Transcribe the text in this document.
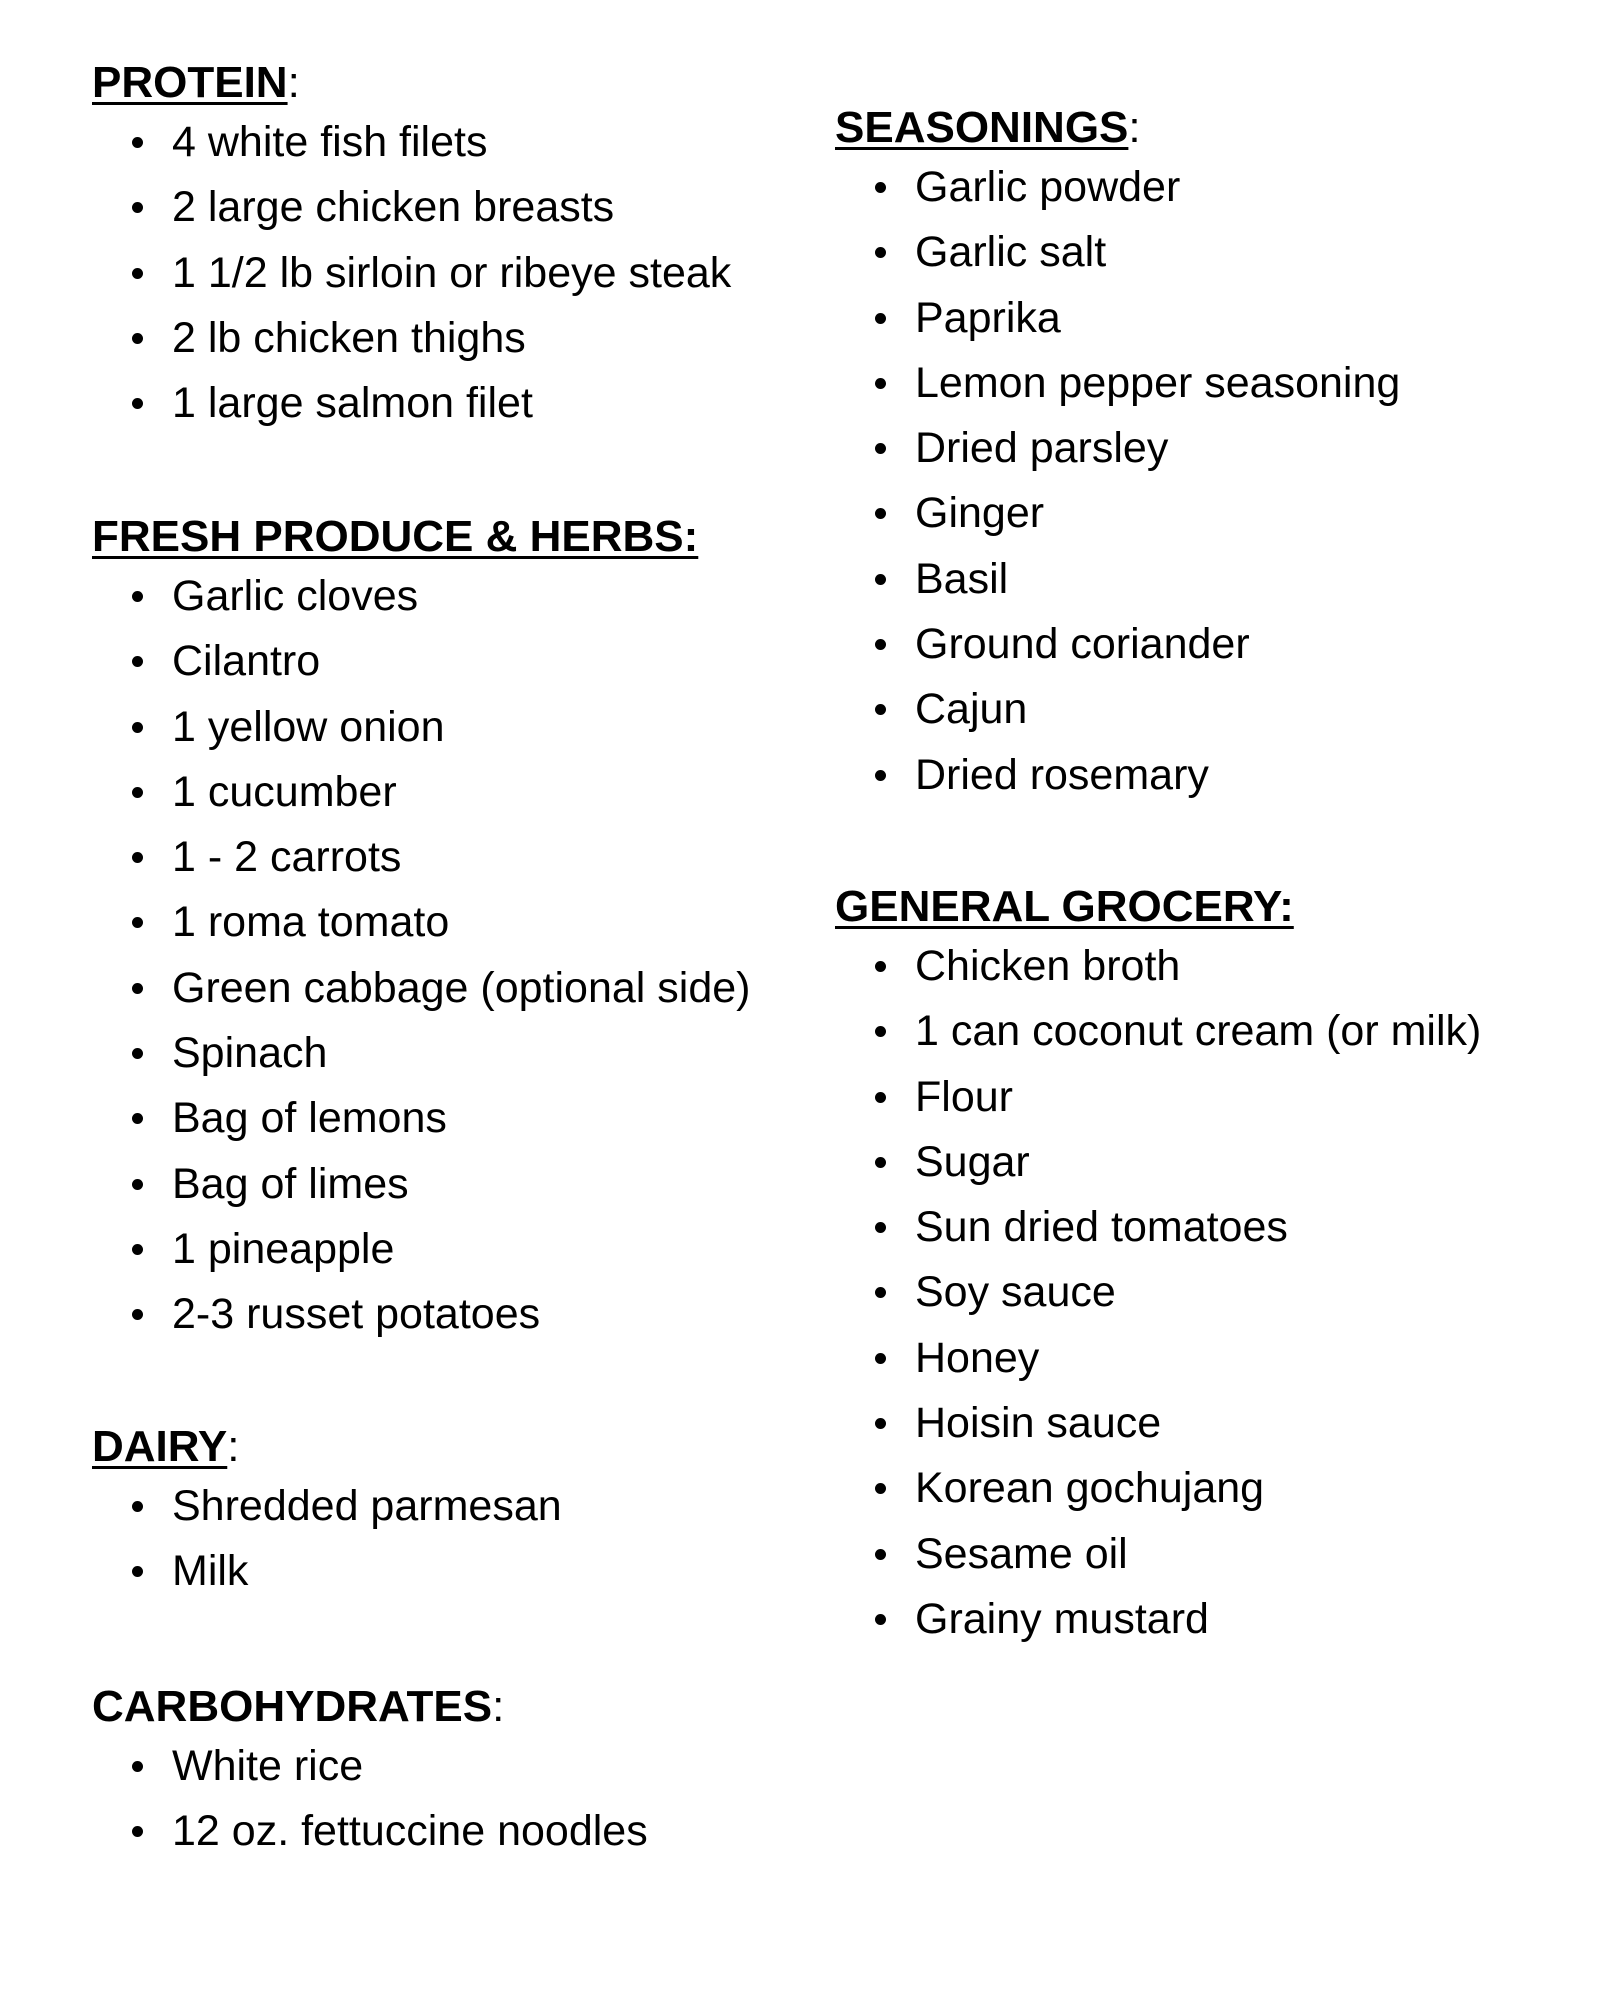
PROTEIN:
4 white fish filets
2 large chicken breasts
1 1/2 lb sirloin or ribeye steak
2 lb chicken thighs
1 large salmon filet
FRESH PRODUCE & HERBS:
Garlic cloves
Cilantro
1 yellow onion
1 cucumber
1 - 2 carrots
1 roma tomato
Green cabbage (optional side)
Spinach
Bag of lemons
Bag of limes
1 pineapple
2-3 russet potatoes
DAIRY:
Shredded parmesan
Milk
CARBOHYDRATES:
White rice
12 oz. fettuccine noodles
SEASONINGS:
Garlic powder
Garlic salt
Paprika
Lemon pepper seasoning
Dried parsley
Ginger
Basil
Ground coriander
Cajun
Dried rosemary
GENERAL GROCERY:
Chicken broth
1 can coconut cream (or milk)
Flour
Sugar
Sun dried tomatoes
Soy sauce
Honey
Hoisin sauce
Korean gochujang
Sesame oil
Grainy mustard
